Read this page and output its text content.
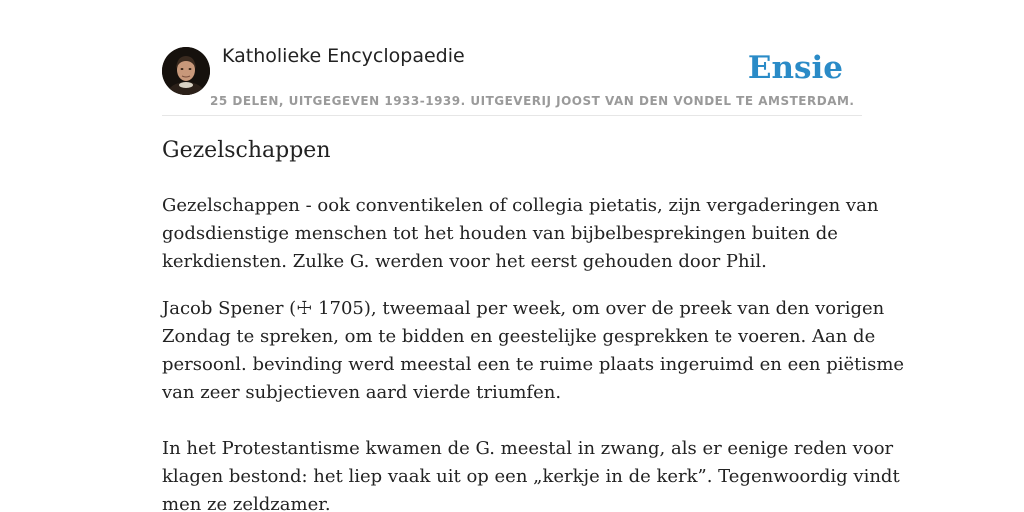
Katholieke Encyclopaedie
25 DELEN, UITGEGEVEN 1933-1939. UITGEVERIJ JOOST VAN DEN VONDEL TE AMSTERDAM.
Ensie
Gezelschappen

Gezelschappen - ook conventikelen of collegia pietatis, zijn vergaderingen van
godsdienstige menschen tot het houden van bijbelbesprekingen buiten de
kerkdiensten. Zulke G. werden voor het eerst gehouden door Phil.

Jacob Spener (☩ 1705), tweemaal per week, om over de preek van den vorigen
Zondag te spreken, om te bidden en geestelijke gesprekken te voeren. Aan de
persoonl. bevinding werd meestal een te ruime plaats ingeruimd en een piëtisme
van zeer subjectieven aard vierde triumfen.
In het Protestantisme kwamen de G. meestal in zwang, als er eenige reden voor
klagen bestond: het liep vaak uit op een „kerkje in de kerk”. Tegenwoordig vindt
men ze zeldzamer.
